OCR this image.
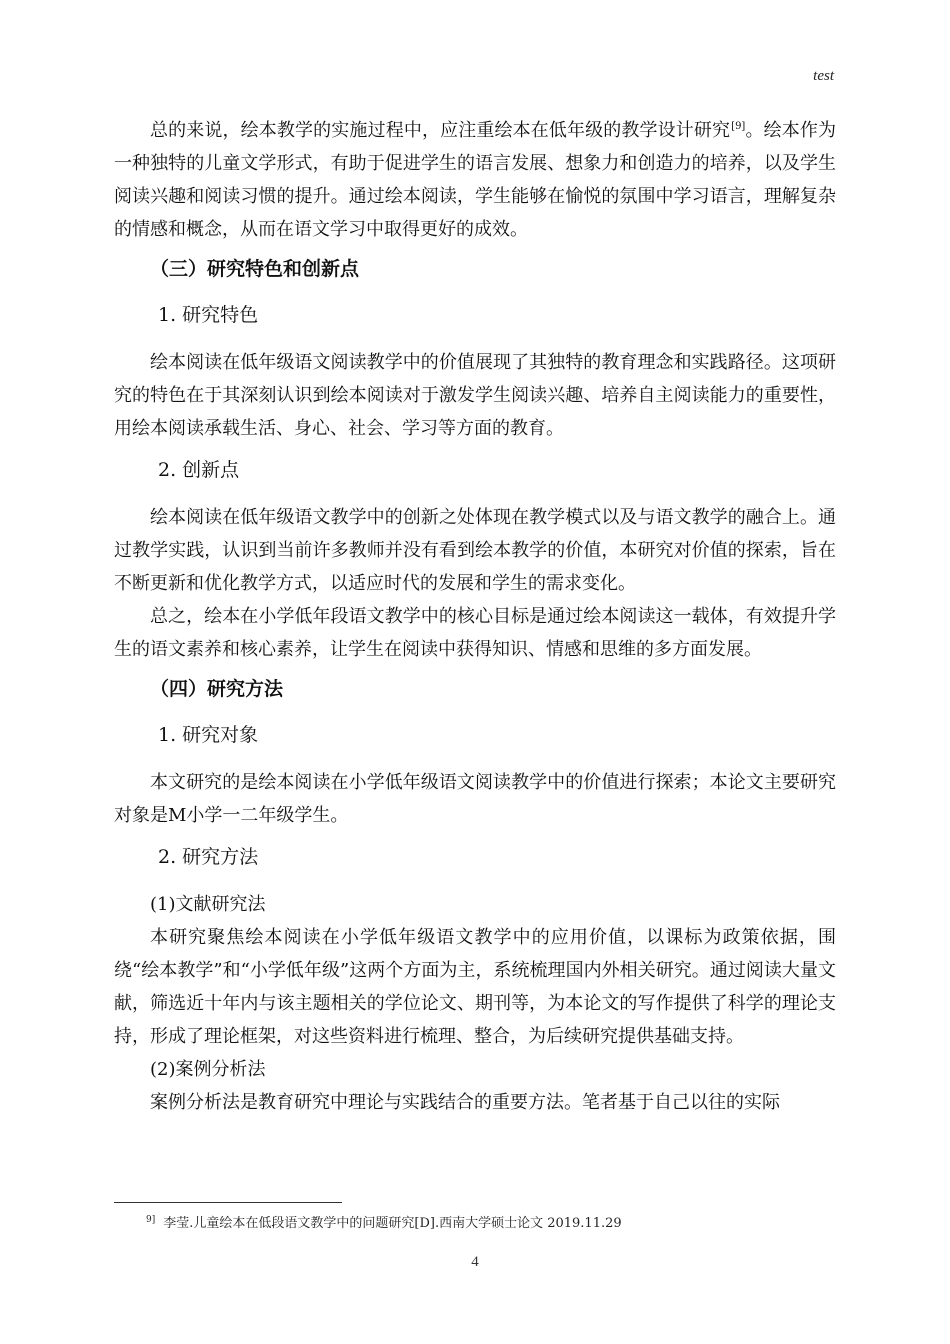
test

总的来说，绘本教学的实施过程中，应注重绘本在低年级的教学设计研究[9]。绘本作为一种独特的儿童文学形式，有助于促进学生的语言发展、想象力和创造力的培养，以及学生阅读兴趣和阅读习惯的提升。通过绘本阅读，学生能够在愉悦的氛围中学习语言，理解复杂的情感和概念，从而在语文学习中取得更好的成效。

（三）研究特色和创新点
1. 研究特色

绘本阅读在低年级语文阅读教学中的价值展现了其独特的教育理念和实践路径。这项研究的特色在于其深刻认识到绘本阅读对于激发学生阅读兴趣、培养自主阅读能力的重要性，用绘本阅读承载生活、身心、社会、学习等方面的教育。

2. 创新点

绘本阅读在低年级语文教学中的创新之处体现在教学模式以及与语文教学的融合上。通过教学实践，认识到当前许多教师并没有看到绘本教学的价值，本研究对价值的探索，旨在不断更新和优化教学方式，以适应时代的发展和学生的需求变化。

总之，绘本在小学低年段语文教学中的核心目标是通过绘本阅读这一载体，有效提升学生的语文素养和核心素养，让学生在阅读中获得知识、情感和思维的多方面发展。

（四）研究方法
1. 研究对象

本文研究的是绘本阅读在小学低年级语文阅读教学中的价值进行探索；本论文主要研究对象是M小学一二年级学生。

2. 研究方法
(1)文献研究法

本研究聚焦绘本阅读在小学低年级语文教学中的应用价值，以课标为政策依据，围绕“绘本教学”和“小学低年级”这两个方面为主，系统梳理国内外相关研究。通过阅读大量文献，筛选近十年内与该主题相关的学位论文、期刊等，为本论文的写作提供了科学的理论支持，形成了理论框架，对这些资料进行梳理、整合，为后续研究提供基础支持。

(2)案例分析法

案例分析法是教育研究中理论与实践结合的重要方法。笔者基于自己以往的实际

$^{9]}$ 李莹.儿童绘本在低段语文教学中的问题研究[D].西南大学硕士论文 2019.11.29
4
